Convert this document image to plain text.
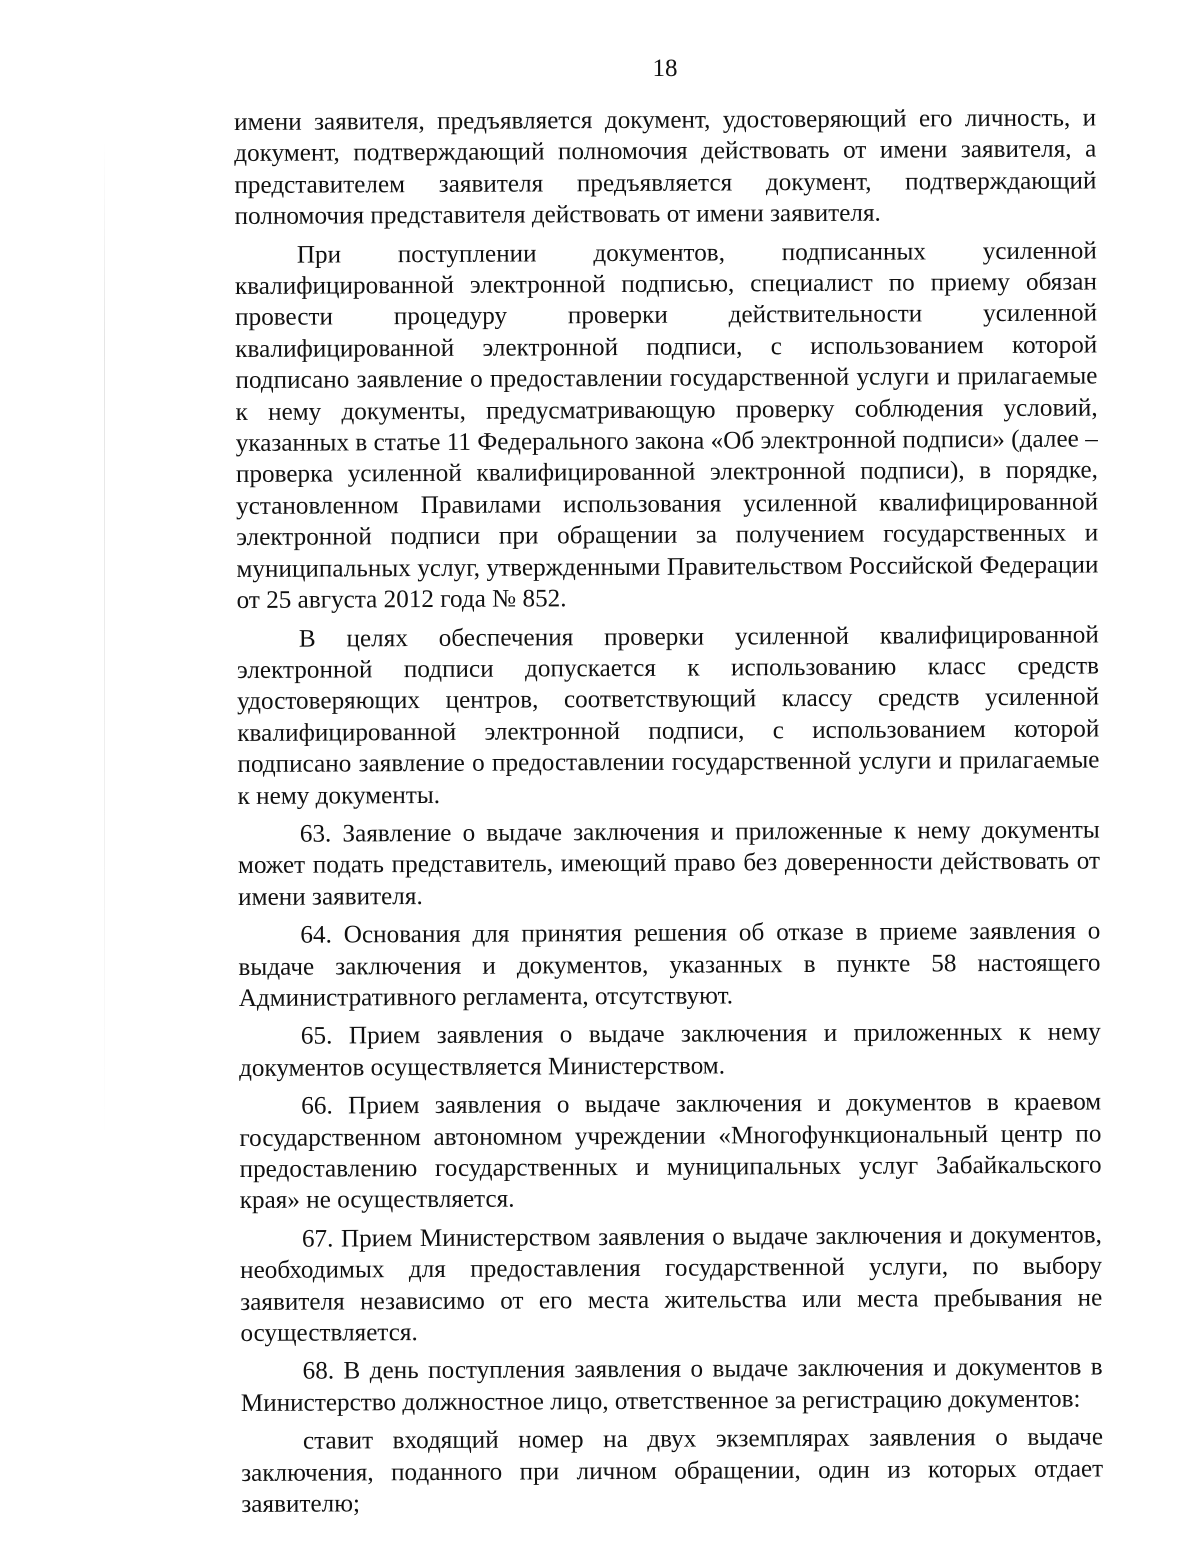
18

имени заявителя, предъявляется документ, удостоверяющий его личность, и документ, подтверждающий полномочия действовать от имени заявителя, а представителем заявителя предъявляется документ, подтверждающий полномочия представителя действовать от имени заявителя.

При поступлении документов, подписанных усиленной квалифицированной электронной подписью, специалист по приему обязан провести процедуру проверки действительности усиленной квалифицированной электронной подписи, с использованием которой подписано заявление о предоставлении государственной услуги и прилагаемые к нему документы, предусматривающую проверку соблюдения условий, указанных в статье 11 Федерального закона «Об электронной подписи» (далее – проверка усиленной квалифицированной электронной подписи), в порядке, установленном Правилами использования усиленной квалифицированной электронной подписи при обращении за получением государственных и муниципальных услуг, утвержденными Правительством Российской Федерации от 25 августа 2012 года № 852.

В целях обеспечения проверки усиленной квалифицированной электронной подписи допускается к использованию класс средств удостоверяющих центров, соответствующий классу средств усиленной квалифицированной электронной подписи, с использованием которой подписано заявление о предоставлении государственной услуги и прилагаемые к нему документы.

63. Заявление о выдаче заключения и приложенные к нему документы может подать представитель, имеющий право без доверенности действовать от имени заявителя.

64. Основания для принятия решения об отказе в приеме заявления о выдаче заключения и документов, указанных в пункте 58 настоящего Административного регламента, отсутствуют.

65. Прием заявления о выдаче заключения и приложенных к нему документов осуществляется Министерством.

66. Прием заявления о выдаче заключения и документов в краевом государственном автономном учреждении «Многофункциональный центр по предоставлению государственных и муниципальных услуг Забайкальского края» не осуществляется.

67. Прием Министерством заявления о выдаче заключения и документов, необходимых для предоставления государственной услуги, по выбору заявителя независимо от его места жительства или места пребывания не осуществляется.

68. В день поступления заявления о выдаче заключения и документов в Министерство должностное лицо, ответственное за регистрацию документов:

ставит входящий номер на двух экземплярах заявления о выдаче заключения, поданного при личном обращении, один из которых отдает заявителю;
